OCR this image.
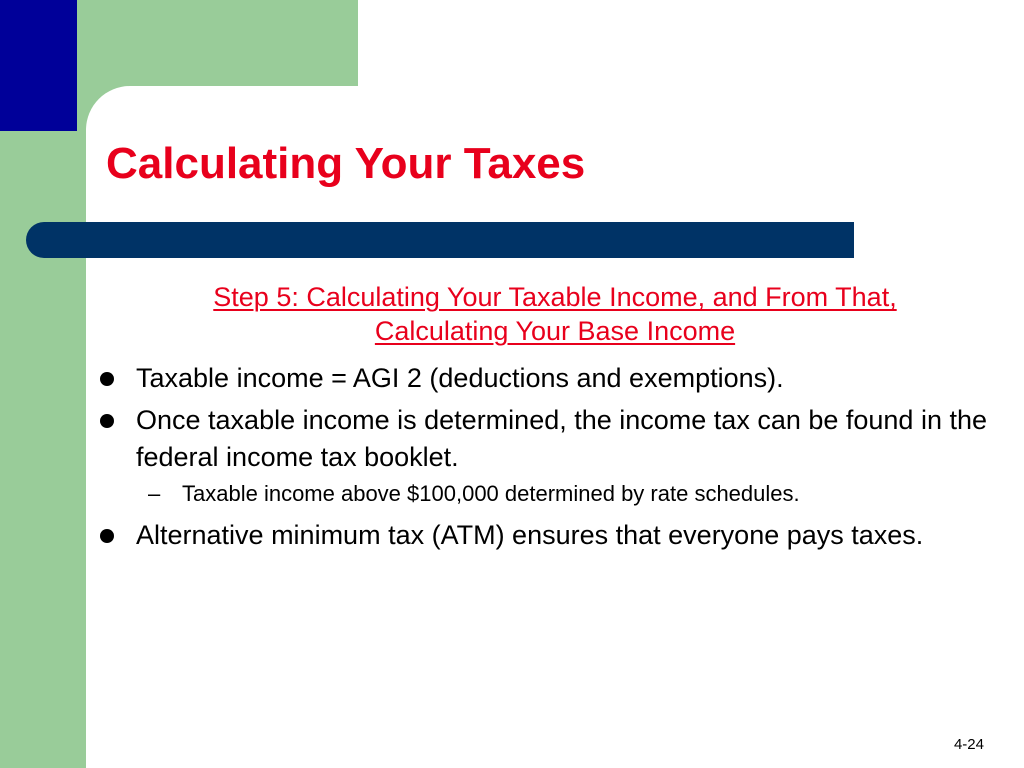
Calculating Your Taxes
Step 5: Calculating Your Taxable Income, and From That,
Calculating Your Base Income
Taxable income = AGI 2 (deductions and exemptions).
Once taxable income is determined, the income tax can be found in the federal income tax booklet.
– Taxable income above $100,000 determined by rate schedules.
Alternative minimum tax (ATM) ensures that everyone pays taxes.
4-24
